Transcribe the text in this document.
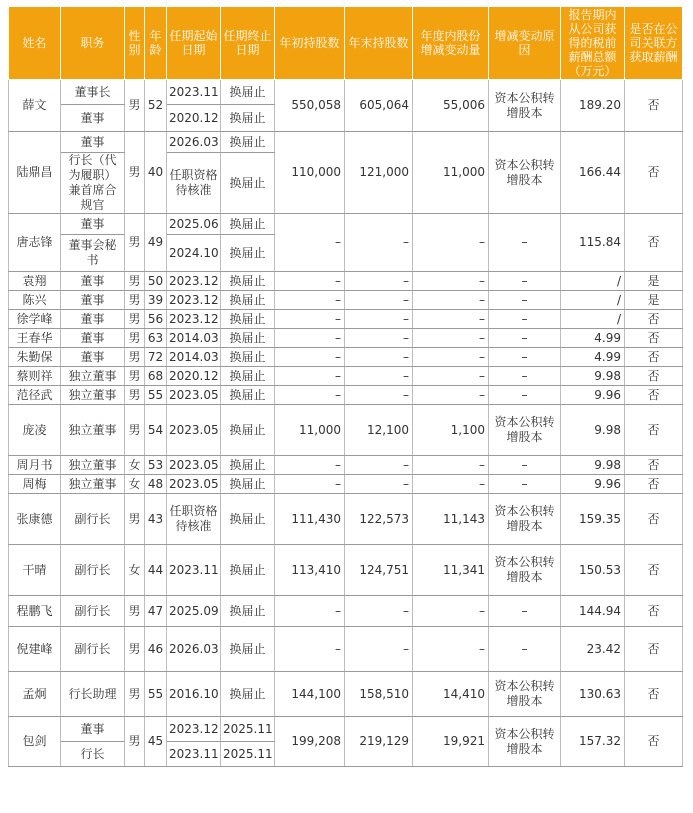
姓名	职务	性别	年龄	任期起始日期	任期终止日期	年初持股数	年末持股数	年度内股份增减变动量	增减变动原因	报告期内从公司获得的税前薪酬总额（万元）	是否在公司关联方获取薪酬
薛文	董事长	男	52	2023.11	换届止	550,058	605,064	55,006	资本公积转增股本	189.20	否
	董事			2020.12	换届止						
陆鼎昌	董事	男	40	2026.03	换届止	110,000	121,000	11,000	资本公积转增股本	166.44	否
	行长（代为履职）兼首席合规官			任职资格待核准	换届止						
唐志锋	董事	男	49	2025.06	换届止	–	–	–	–	115.84	否
	董事会秘书			2024.10	换届止						
袁翔	董事	男	50	2023.12	换届止	–	–	–	–	/	是
陈兴	董事	男	39	2023.12	换届止	–	–	–	–	/	是
徐学峰	董事	男	56	2023.12	换届止	–	–	–	–	/	否
王春华	董事	男	63	2014.03	换届止	–	–	–	–	4.99	否
朱勤保	董事	男	72	2014.03	换届止	–	–	–	–	4.99	否
蔡则祥	独立董事	男	68	2020.12	换届止	–	–	–	–	9.98	否
范径武	独立董事	男	55	2023.05	换届止	–	–	–	–	9.96	否
庞凌	独立董事	男	54	2023.05	换届止	11,000	12,100	1,100	资本公积转增股本	9.98	否
周月书	独立董事	女	53	2023.05	换届止	–	–	–	–	9.98	否
周梅	独立董事	女	48	2023.05	换届止	–	–	–	–	9.96	否
张康德	副行长	男	43	任职资格待核准	换届止	111,430	122,573	11,143	资本公积转增股本	159.35	否
干晴	副行长	女	44	2023.11	换届止	113,410	124,751	11,341	资本公积转增股本	150.53	否
程鹏飞	副行长	男	47	2025.09	换届止	–	–	–	–	144.94	否
倪建峰	副行长	男	46	2026.03	换届止	–	–	–	–	23.42	否
孟炯	行长助理	男	55	2016.10	换届止	144,100	158,510	14,410	资本公积转增股本	130.63	否
包剑	董事	男	45	2023.12	2025.11	199,208	219,129	19,921	资本公积转增股本	157.32	否
	行长			2023.11	2025.11						
